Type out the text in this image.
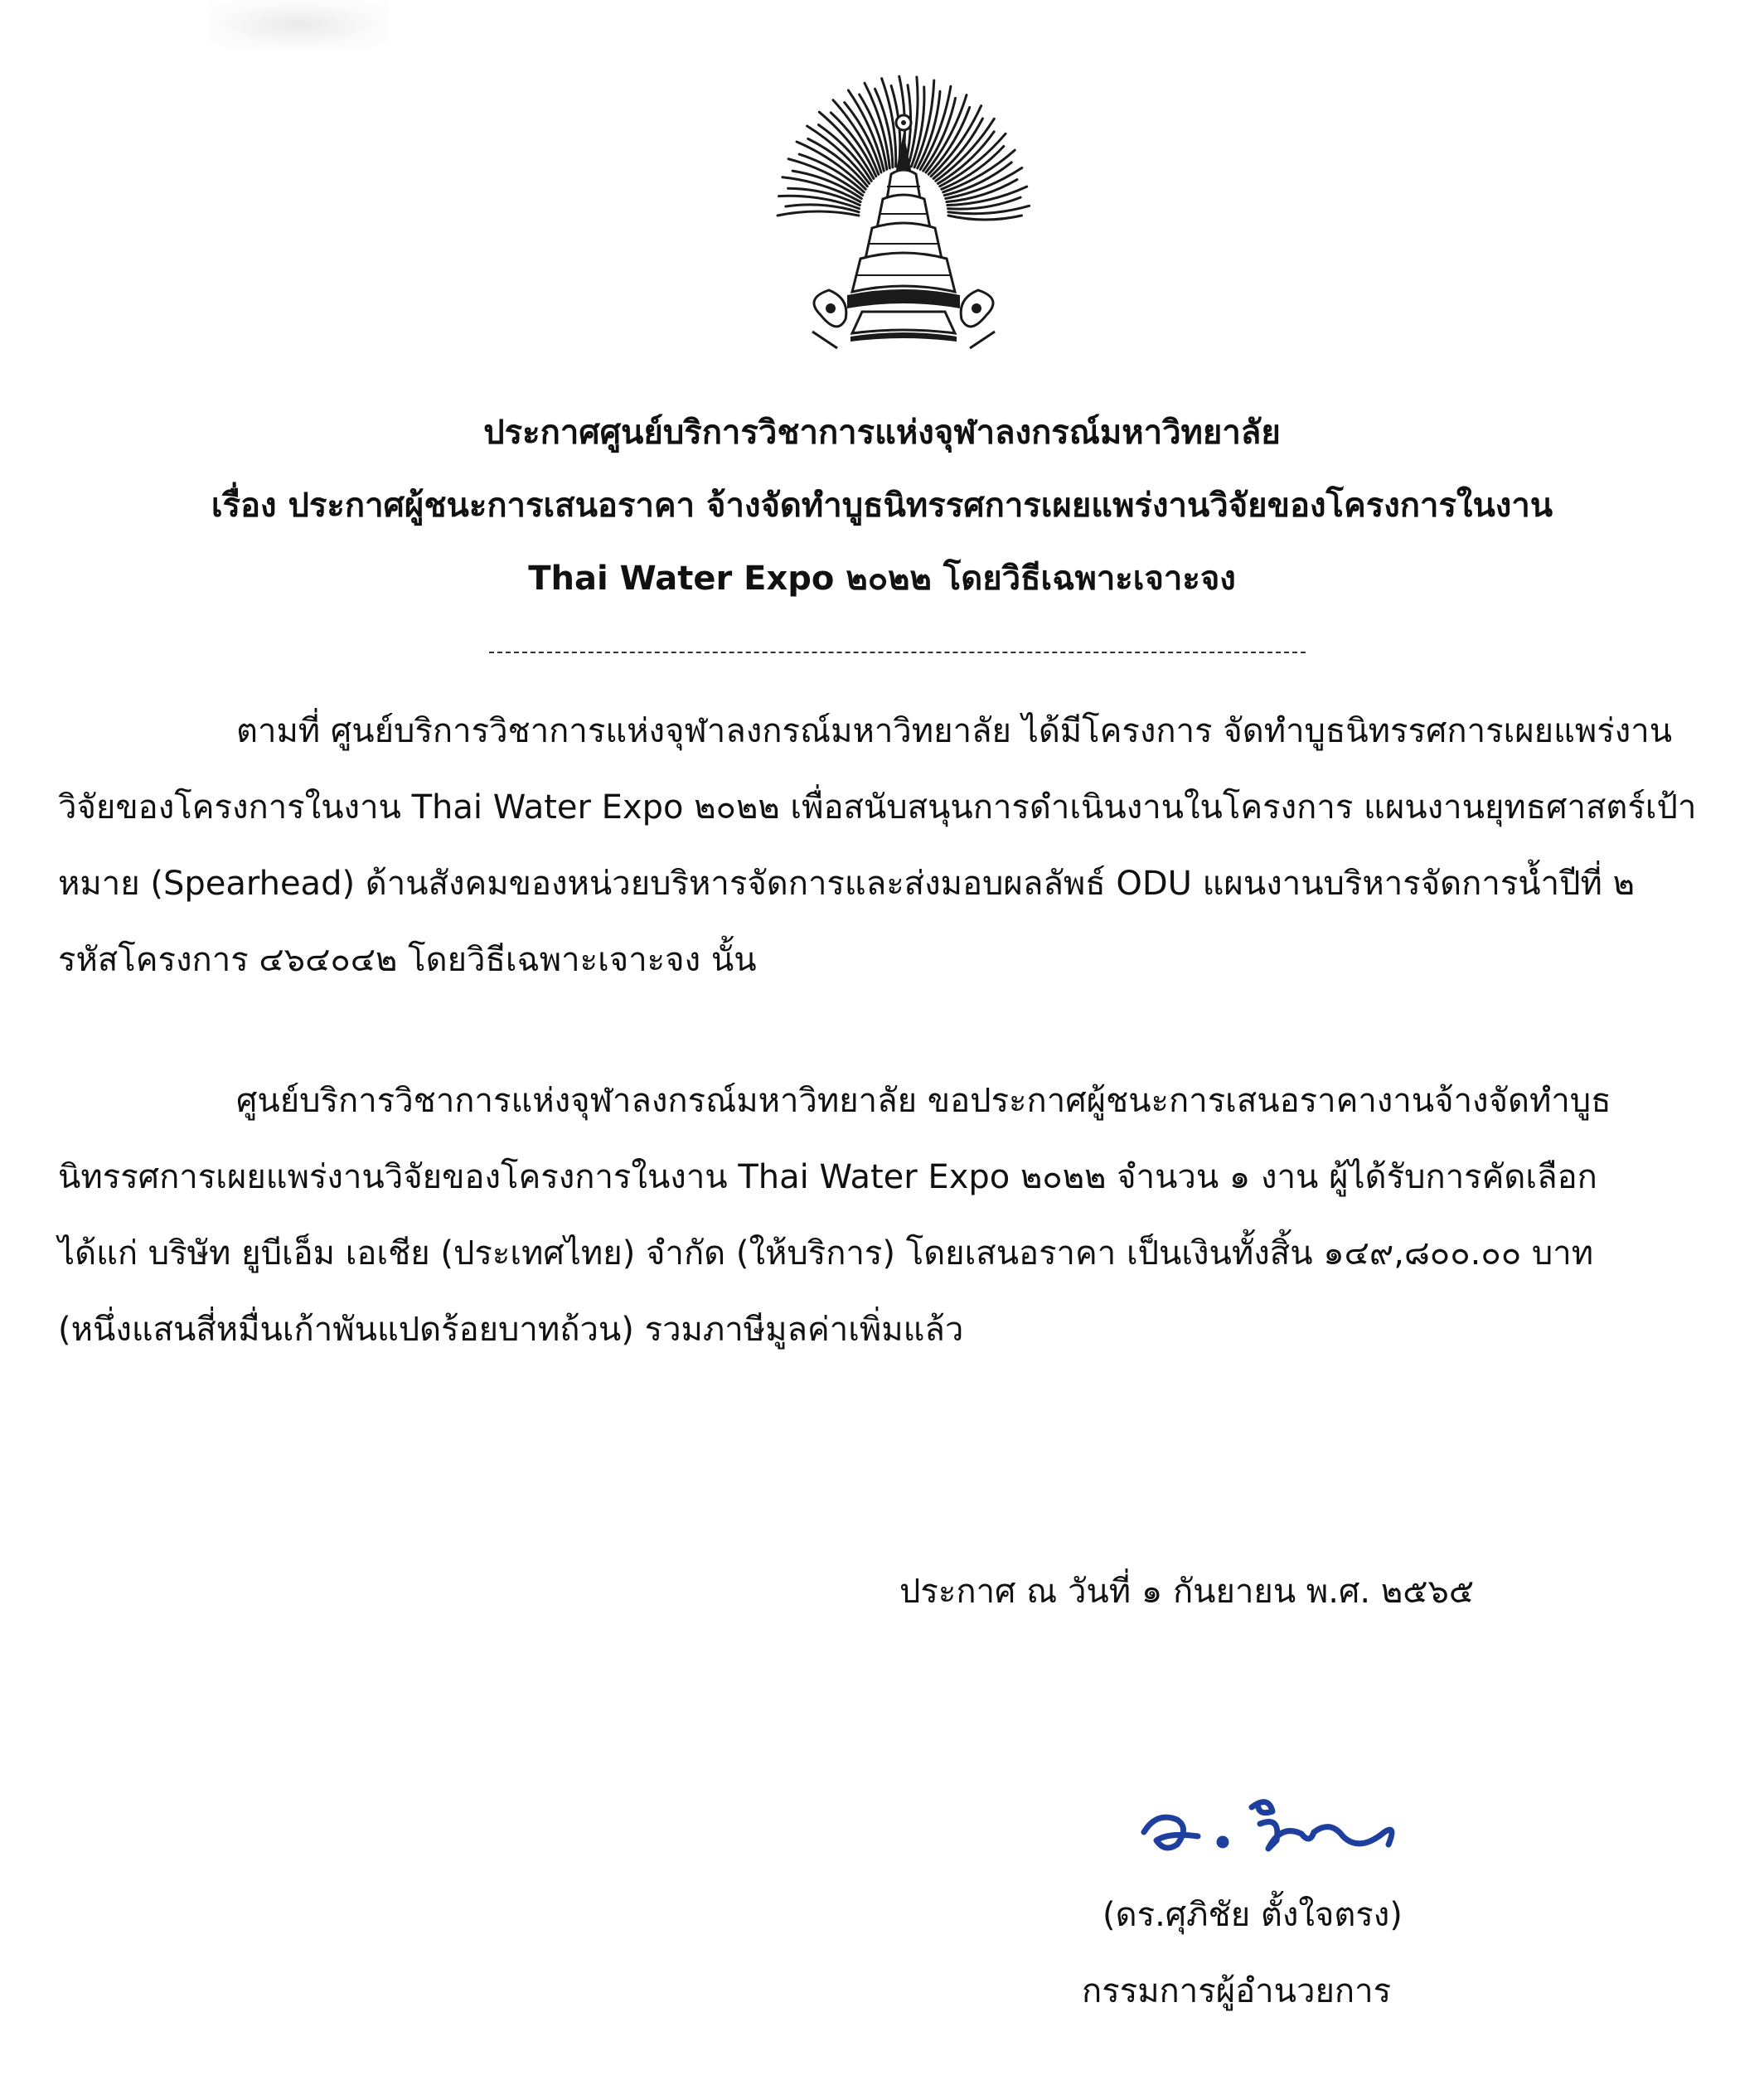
ประกาศศูนย์บริการวิชาการแห่งจุฬาลงกรณ์มหาวิทยาลัย
เรื่อง ประกาศผู้ชนะการเสนอราคา จ้างจัดทำบูธนิทรรศการเผยแพร่งานวิจัยของโครงการในงาน
Thai Water Expo ๒๐๒๒ โดยวิธีเฉพาะเจาะจง
ตามที่ ศูนย์บริการวิชาการแห่งจุฬาลงกรณ์มหาวิทยาลัย ได้มีโครงการ จัดทำบูธนิทรรศการเผยแพร่งาน
วิจัยของโครงการในงาน Thai Water Expo ๒๐๒๒ เพื่อสนับสนุนการดำเนินงานในโครงการ แผนงานยุทธศาสตร์เป้า
หมาย (Spearhead) ด้านสังคมของหน่วยบริหารจัดการและส่งมอบผลลัพธ์ ODU แผนงานบริหารจัดการน้ำปีที่ ๒
รหัสโครงการ ๔๖๔๐๔๒ โดยวิธีเฉพาะเจาะจง นั้น
ศูนย์บริการวิชาการแห่งจุฬาลงกรณ์มหาวิทยาลัย ขอประกาศผู้ชนะการเสนอราคางานจ้างจัดทำบูธ
นิทรรศการเผยแพร่งานวิจัยของโครงการในงาน Thai Water Expo ๒๐๒๒ จำนวน ๑ งาน ผู้ได้รับการคัดเลือก
ได้แก่ บริษัท ยูบีเอ็ม เอเชีย (ประเทศไทย) จำกัด (ให้บริการ) โดยเสนอราคา เป็นเงินทั้งสิ้น ๑๔๙,๘๐๐.๐๐ บาท
(หนึ่งแสนสี่หมื่นเก้าพันแปดร้อยบาทถ้วน) รวมภาษีมูลค่าเพิ่มแล้ว
ประกาศ ณ วันที่ ๑ กันยายน พ.ศ. ๒๕๖๕
(ดร.ศุภิชัย ตั้งใจตรง)
กรรมการผู้อำนวยการ
